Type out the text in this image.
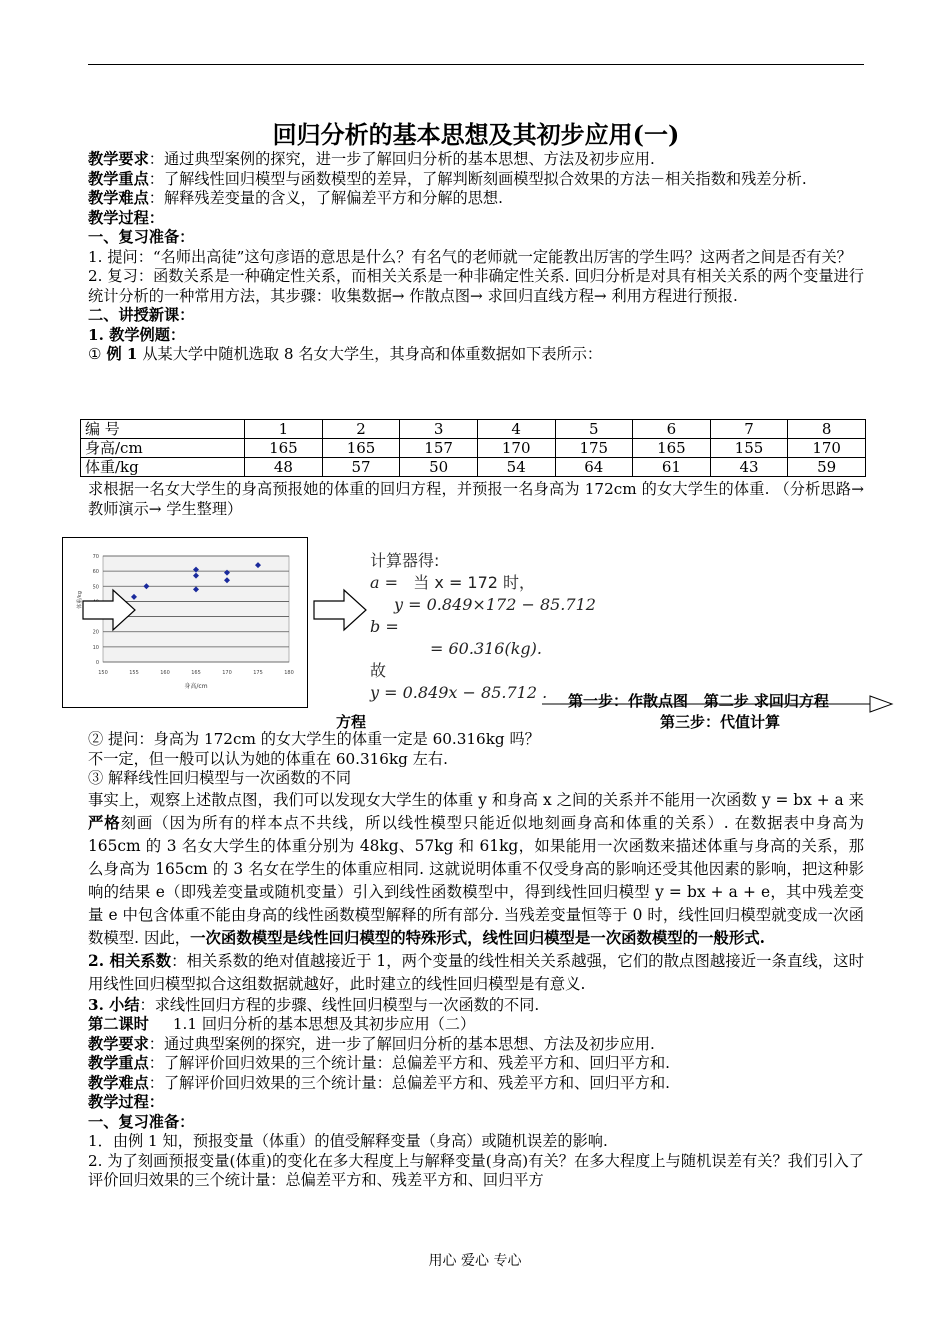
回归分析的基本思想及其初步应用(一)
教学要求：通过典型案例的探究，进一步了解回归分析的基本思想、方法及初步应用.
教学重点：了解线性回归模型与函数模型的差异，了解判断刻画模型拟合效果的方法－相关指数和残差分析.
教学难点：解释残差变量的含义，了解偏差平方和分解的思想.
教学过程：
一、复习准备：
1. 提问：“名师出高徒”这句彦语的意思是什么？有名气的老师就一定能教出厉害的学生吗？这两者之间是否有关？
2. 复习：函数关系是一种确定性关系，而相关关系是一种非确定性关系. 回归分析是对具有相关关系的两个变量进行统计分析的一种常用方法，其步骤：收集数据→ 作散点图→ 求回归直线方程→ 利用方程进行预报.
二、讲授新课：
1. 教学例题：
① 例 1 从某大学中随机选取 8 名女大学生，其身高和体重数据如下表所示：
编 号	1	2	3	4	5	6	7	8
身高/cm	165	165	157	170	175	165	155	170
体重/kg	48	57	50	54	64	61	43	59
求根据一名女大学生的身高预报她的体重的回归方程，并预报一名身高为 172cm 的女大学生的体重. （分析思路→ 教师演示→ 学生整理）
0
10
20
50
60
70
150	155	160	165	170	175	180
身高/cm
体重/kg
计算器得:
a =   当 x = 172 时，
y = 0.849×172 − 85.712
b =
= 60.316(kg).
故
y = 0.849x − 85.712 .	第一步：作散点图 第二步 求回归方程
方程	第三步：代值计算
② 提问：身高为 172cm 的女大学生的体重一定是 60.316kg 吗？
不一定，但一般可以认为她的体重在 60.316kg 左右.
③ 解释线性回归模型与一次函数的不同
事实上，观察上述散点图，我们可以发现女大学生的体重 y 和身高 x 之间的关系并不能用一次函数 y = bx + a 来严格刻画（因为所有的样本点不共线，所以线性模型只能近似地刻画身高和体重的关系）. 在数据表中身高为 165cm 的 3 名女大学生的体重分别为 48kg、57kg 和 61kg，如果能用一次函数来描述体重与身高的关系，那么身高为 165cm 的 3 名女在学生的体重应相同. 这就说明体重不仅受身高的影响还受其他因素的影响，把这种影响的结果 e（即残差变量或随机变量）引入到线性函数模型中，得到线性回归模型 y = bx + a + e，其中残差变量 e 中包含体重不能由身高的线性函数模型解释的所有部分. 当残差变量恒等于 0 时，线性回归模型就变成一次函数模型. 因此，一次函数模型是线性回归模型的特殊形式，线性回归模型是一次函数模型的一般形式.
2. 相关系数：相关系数的绝对值越接近于 1，两个变量的线性相关关系越强，它们的散点图越接近一条直线，这时用线性回归模型拟合这组数据就越好，此时建立的线性回归模型是有意义.
3. 小结：求线性回归方程的步骤、线性回归模型与一次函数的不同.
第二课时     1.1 回归分析的基本思想及其初步应用（二）
教学要求：通过典型案例的探究，进一步了解回归分析的基本思想、方法及初步应用.
教学重点：了解评价回归效果的三个统计量：总偏差平方和、残差平方和、回归平方和.
教学难点：了解评价回归效果的三个统计量：总偏差平方和、残差平方和、回归平方和.
教学过程：
一、复习准备：
1．由例 1 知，预报变量（体重）的值受解释变量（身高）或随机误差的影响.
2. 为了刻画预报变量(体重)的变化在多大程度上与解释变量(身高)有关？在多大程度上与随机误差有关？我们引入了评价回归效果的三个统计量：总偏差平方和、残差平方和、回归平方
用心 爱心 专心
